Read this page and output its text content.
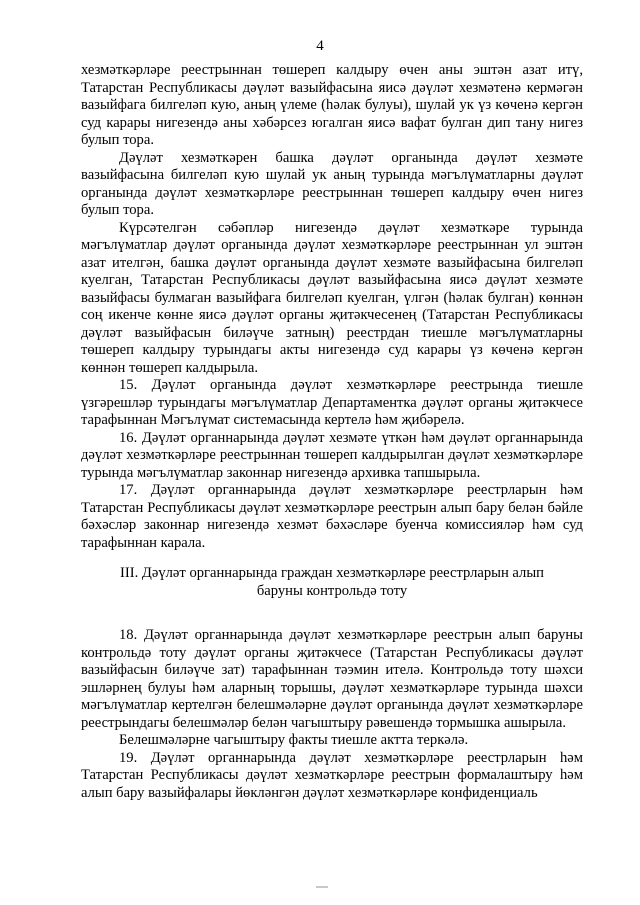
4

хезмәткәрләре реестрыннан төшереп калдыру өчен аны эштән азат итү, Татарстан Республикасы дәүләт вазыйфасына яисә дәүләт хезмәтенә кермәгән вазыйфага билгеләп кую, аның үлеме (һәлак булуы), шулай ук үз көченә кергән суд карары нигезендә аны хәбәрсез югалган яисә вафат булган дип тану нигез булып тора.

Дәүләт хезмәткәрен башка дәүләт органында дәүләт хезмәте вазыйфасына билгеләп кую шулай ук аның турында мәгълүматларны дәүләт органында дәүләт хезмәткәрләре реестрыннан төшереп калдыру өчен нигез булып тора.

Күрсәтелгән сәбәпләр нигезендә дәүләт хезмәткәре турында мәгълүматлар дәүләт органында дәүләт хезмәткәрләре реестрыннан ул эштән азат ителгән, башка дәүләт органында дәүләт хезмәте вазыйфасына билгеләп куелган, Татарстан Республикасы дәүләт вазыйфасына яисә дәүләт хезмәте вазыйфасы булмаган вазыйфага билгеләп куелган, үлгән (һәлак булган) көннән соң икенче көнне яисә дәүләт органы җитәкчесенең (Татарстан Республикасы дәүләт вазыйфасын биләүче затның) реестрдан тиешле мәгълүматларны төшереп калдыру турындагы акты нигезендә суд карары үз көченә кергән көннән төшереп калдырыла.

15. Дәүләт органында дәүләт хезмәткәрләре реестрында тиешле үзгәрешләр турындагы мәгълүматлар Департаментка дәүләт органы җитәкчесе тарафыннан Мәгълүмат системасында кертелә һәм җибәрелә.

16. Дәүләт органнарында дәүләт хезмәте үткән һәм дәүләт органнарында дәүләт хезмәткәрләре реестрыннан төшереп калдырылган дәүләт хезмәткәрләре турында мәгълүматлар законнар нигезендә архивка тапшырыла.

17. Дәүләт органнарында дәүләт хезмәткәрләре реестрларын һәм Татарстан Республикасы дәүләт хезмәткәрләре реестрын алып бару белән бәйле бәхәсләр законнар нигезендә хезмәт бәхәсләре буенча комиссияләр һәм суд тарафыннан карала.

III. Дәүләт органнарында граждан хезмәткәрләре реестрларын алып
баруны контрольдә тоту

18. Дәүләт органнарында дәүләт хезмәткәрләре реестрын алып баруны контрольдә тоту дәүләт органы җитәкчесе (Татарстан Республикасы дәүләт вазыйфасын биләүче зат) тарафыннан тәэмин ителә. Контрольдә тоту шәхси эшләрнең булуы һәм аларның торышы, дәүләт хезмәткәрләре турында шәхси мәгълүматлар кертелгән белешмәләрне дәүләт органында дәүләт хезмәткәрләре реестрындагы белешмәләр белән чагыштыру рәвешендә тормышка ашырыла.

Белешмәләрне чагыштыру факты тиешле актта теркәлә.

19. Дәүләт органнарында дәүләт хезмәткәрләре реестрларын һәм Татарстан Республикасы дәүләт хезмәткәрләре реестрын формалаштыру һәм алып бару вазыйфалары йөкләнгән дәүләт хезмәткәрләре конфиденциаль
